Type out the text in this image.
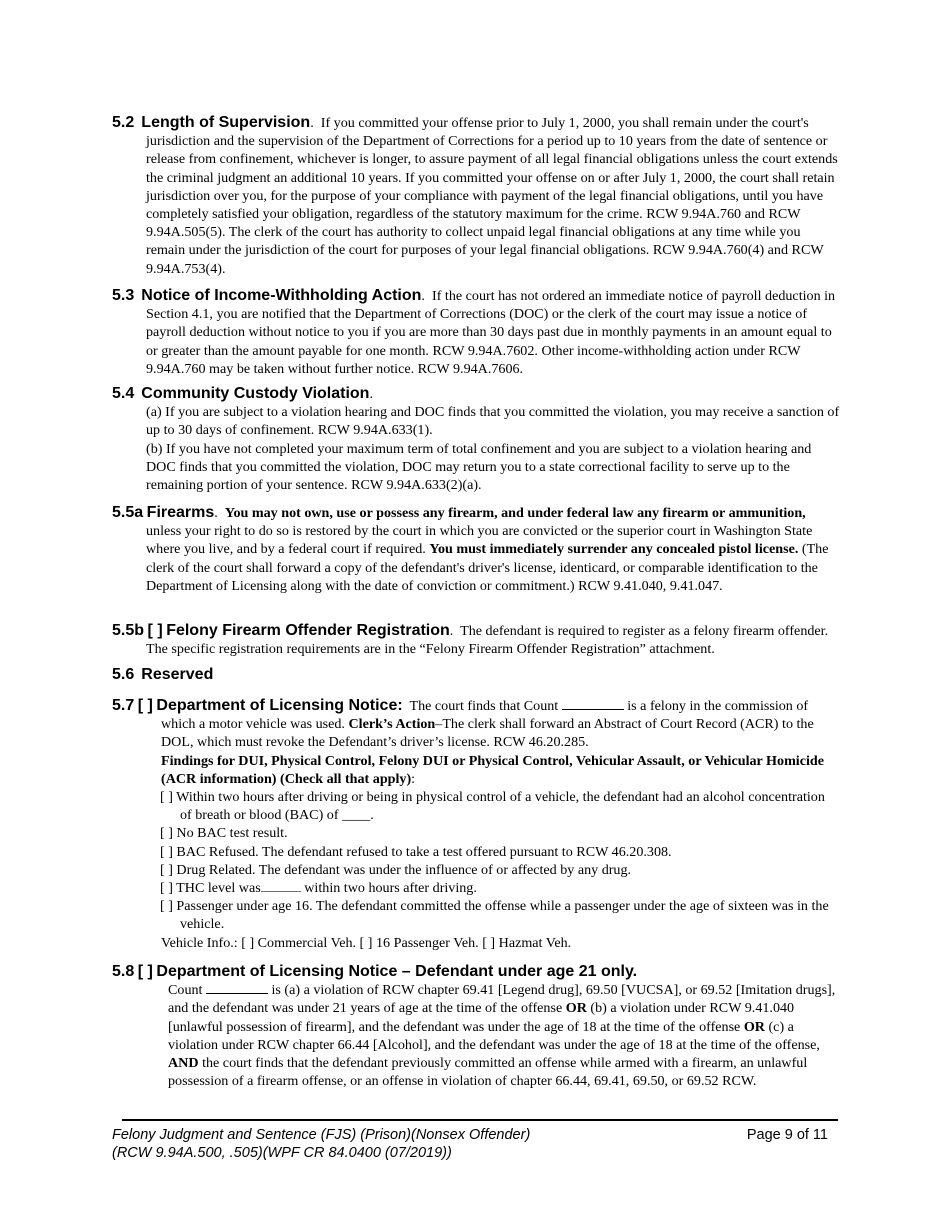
5.2 Length of Supervision. If you committed your offense prior to July 1, 2000, you shall remain under the court's jurisdiction and the supervision of the Department of Corrections for a period up to 10 years from the date of sentence or release from confinement, whichever is longer, to assure payment of all legal financial obligations unless the court extends the criminal judgment an additional 10 years. If you committed your offense on or after July 1, 2000, the court shall retain jurisdiction over you, for the purpose of your compliance with payment of the legal financial obligations, until you have completely satisfied your obligation, regardless of the statutory maximum for the crime. RCW 9.94A.760 and RCW 9.94A.505(5). The clerk of the court has authority to collect unpaid legal financial obligations at any time while you remain under the jurisdiction of the court for purposes of your legal financial obligations. RCW 9.94A.760(4) and RCW 9.94A.753(4).

5.3 Notice of Income-Withholding Action. If the court has not ordered an immediate notice of payroll deduction in Section 4.1, you are notified that the Department of Corrections (DOC) or the clerk of the court may issue a notice of payroll deduction without notice to you if you are more than 30 days past due in monthly payments in an amount equal to or greater than the amount payable for one month. RCW 9.94A.7602. Other income-withholding action under RCW 9.94A.760 may be taken without further notice. RCW 9.94A.7606.

5.4 Community Custody Violation.

(a) If you are subject to a violation hearing and DOC finds that you committed the violation, you may receive a sanction of up to 30 days of confinement. RCW 9.94A.633(1).

(b) If you have not completed your maximum term of total confinement and you are subject to a violation hearing and DOC finds that you committed the violation, DOC may return you to a state correctional facility to serve up to the remaining portion of your sentence. RCW 9.94A.633(2)(a).

5.5a Firearms. You may not own, use or possess any firearm, and under federal law any firearm or ammunition, unless your right to do so is restored by the court in which you are convicted or the superior court in Washington State where you live, and by a federal court if required. You must immediately surrender any concealed pistol license. (The clerk of the court shall forward a copy of the defendant's driver's license, identicard, or comparable identification to the Department of Licensing along with the date of conviction or commitment.) RCW 9.41.040, 9.41.047.

5.5b [ ] Felony Firearm Offender Registration. The defendant is required to register as a felony firearm offender. The specific registration requirements are in the “Felony Firearm Offender Registration” attachment.

5.6 Reserved

5.7 [ ] Department of Licensing Notice: The court finds that Count	is a felony in the commission of which a motor vehicle was used. Clerk’s Action–The clerk shall forward an Abstract of Court Record (ACR) to the DOL, which must revoke the Defendant’s driver’s license. RCW 46.20.285.

Findings for DUI, Physical Control, Felony DUI or Physical Control, Vehicular Assault, or Vehicular Homicide (ACR information) (Check all that apply):

[ ] Within two hours after driving or being in physical control of a vehicle, the defendant had an alcohol concentration of breath or blood (BAC) of ____.
[ ] No BAC test result.
[ ] BAC Refused. The defendant refused to take a test offered pursuant to RCW 46.20.308.
[ ] Drug Related. The defendant was under the influence of or affected by any drug.
[ ] THC level was	within two hours after driving.
[ ] Passenger under age 16. The defendant committed the offense while a passenger under the age of sixteen was in the vehicle.

Vehicle Info.: [ ] Commercial Veh. [ ] 16 Passenger Veh. [ ] Hazmat Veh.

5.8 [ ] Department of Licensing Notice – Defendant under age 21 only.

Count	is (a) a violation of RCW chapter 69.41 [Legend drug], 69.50 [VUCSA], or 69.52 [Imitation drugs], and the defendant was under 21 years of age at the time of the offense OR (b) a violation under RCW 9.41.040 [unlawful possession of firearm], and the defendant was under the age of 18 at the time of the offense OR (c) a violation under RCW chapter 66.44 [Alcohol], and the defendant was under the age of 18 at the time of the offense, AND the court finds that the defendant previously committed an offense while armed with a firearm, an unlawful possession of a firearm offense, or an offense in violation of chapter 66.44, 69.41, 69.50, or 69.52 RCW.

Felony Judgment and Sentence (FJS) (Prison)(Nonsex Offender)
(RCW 9.94A.500, .505)(WPF CR 84.0400 (07/2019))
Page 9 of 11
